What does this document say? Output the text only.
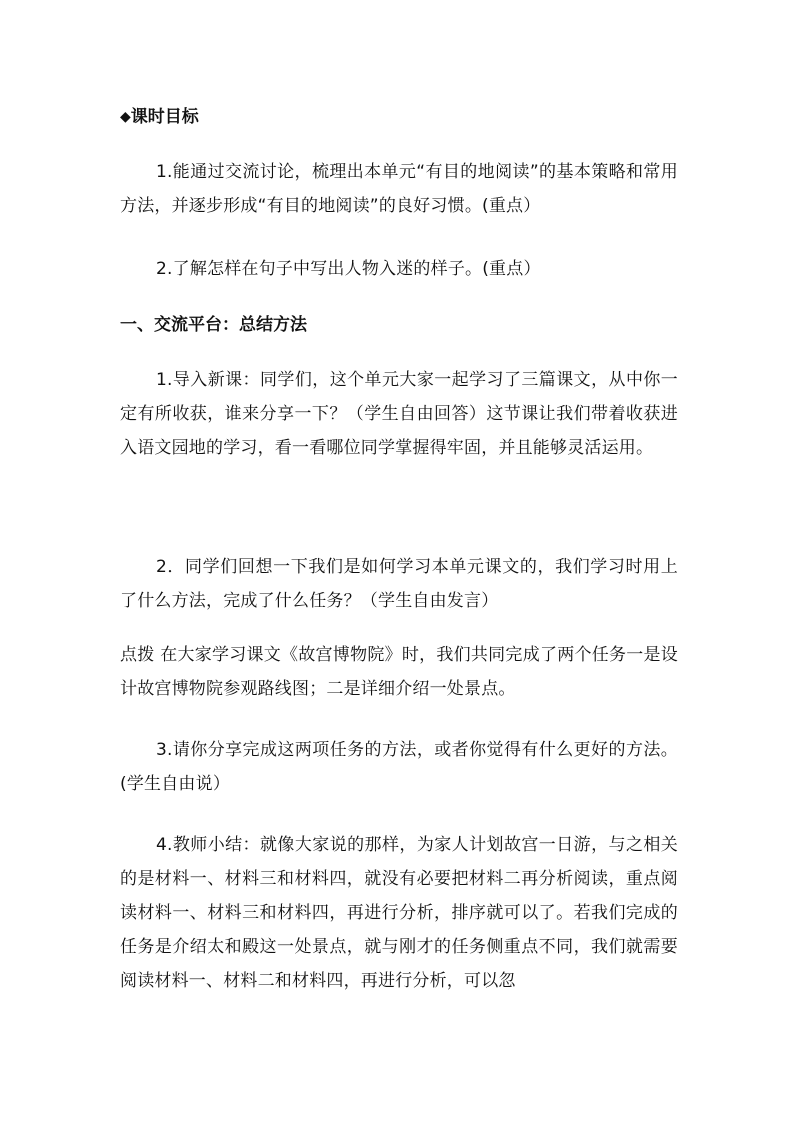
◆课时目标

1.能通过交流讨论，梳理出本单元“有目的地阅读”的基本策略和常用方法，并逐步形成“有目的地阅读”的良好习惯。(重点）

2.了解怎样在句子中写出人物入迷的样子。(重点）

一、交流平台：总结方法

1.导入新课：同学们，这个单元大家一起学习了三篇课文，从中你一定有所收获，谁来分享一下？（学生自由回答）这节课让我们带着收获进入语文园地的学习，看一看哪位同学掌握得牢固，并且能够灵活运用。

2．同学们回想一下我们是如何学习本单元课文的，我们学习时用上了什么方法，完成了什么任务？（学生自由发言）

点拨 在大家学习课文《故宫博物院》时，我们共同完成了两个任务一是设计故宫博物院参观路线图；二是详细介绍一处景点。

3.请你分享完成这两项任务的方法，或者你觉得有什么更好的方法。(学生自由说）

4.教师小结：就像大家说的那样，为家人计划故宫一日游，与之相关的是材料一、材料三和材料四，就没有必要把材料二再分析阅读，重点阅读材料一、材料三和材料四，再进行分析，排序就可以了。若我们完成的任务是介绍太和殿这一处景点，就与刚才的任务侧重点不同，我们就需要阅读材料一、材料二和材料四，再进行分析，可以忽
